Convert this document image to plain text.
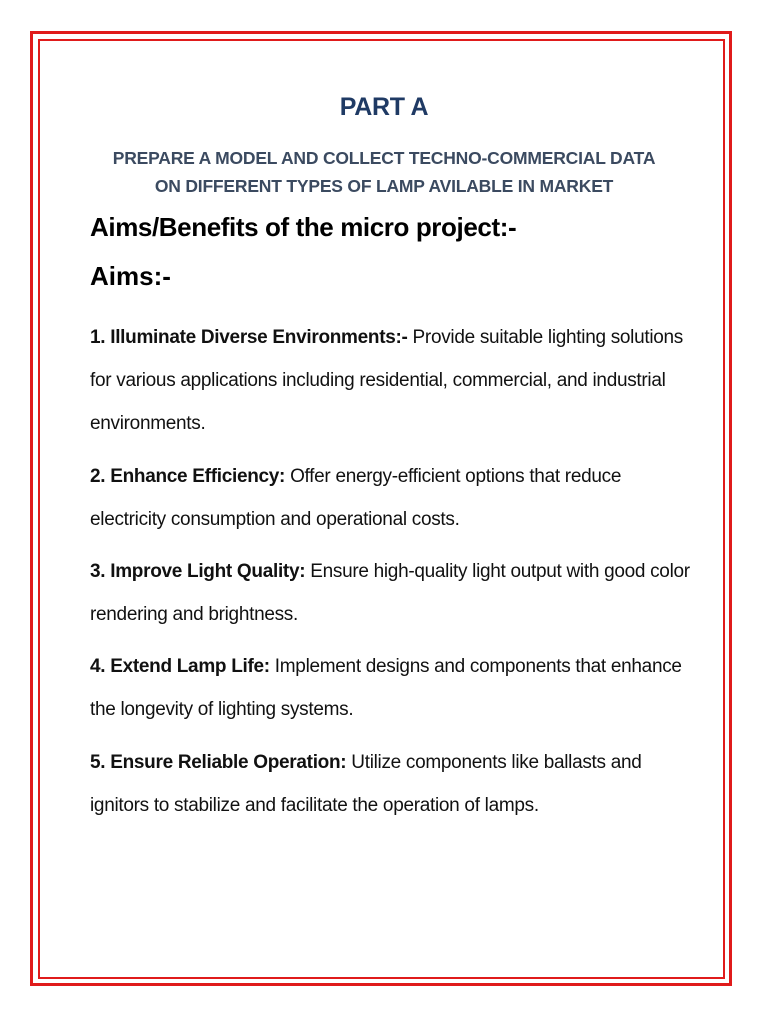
PART A
PREPARE A MODEL AND COLLECT TECHNO-COMMERCIAL DATA
ON DIFFERENT TYPES OF LAMP AVILABLE IN MARKET
Aims/Benefits of the micro project:-
Aims:-
1. Illuminate Diverse Environments:- Provide suitable lighting solutions for various applications including residential, commercial, and industrial environments.
2. Enhance Efficiency: Offer energy-efficient options that reduce electricity consumption and operational costs.
3. Improve Light Quality: Ensure high-quality light output with good color rendering and brightness.
4. Extend Lamp Life: Implement designs and components that enhance the longevity of lighting systems.
5. Ensure Reliable Operation: Utilize components like ballasts and ignitors to stabilize and facilitate the operation of lamps.
